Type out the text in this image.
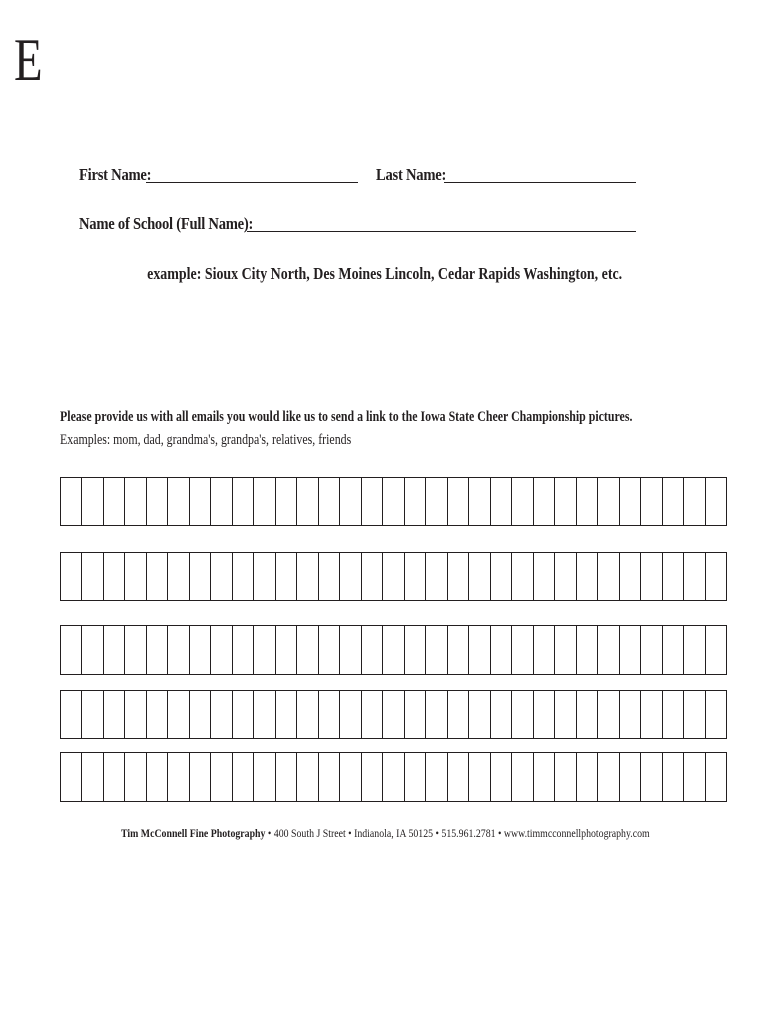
E
First Name:	Last Name:
Name of School (Full Name):
example: Sioux City North, Des Moines Lincoln, Cedar Rapids Washington, etc.
Please provide us with all emails you would like us to send a link to the Iowa State Cheer Championship pictures.
Examples: mom, dad, grandma's, grandpa's, relatives, friends
Tim McConnell Fine Photography • 400 South J Street • Indianola, IA 50125 • 515.961.2781 • www.timmcconnellphotography.com
